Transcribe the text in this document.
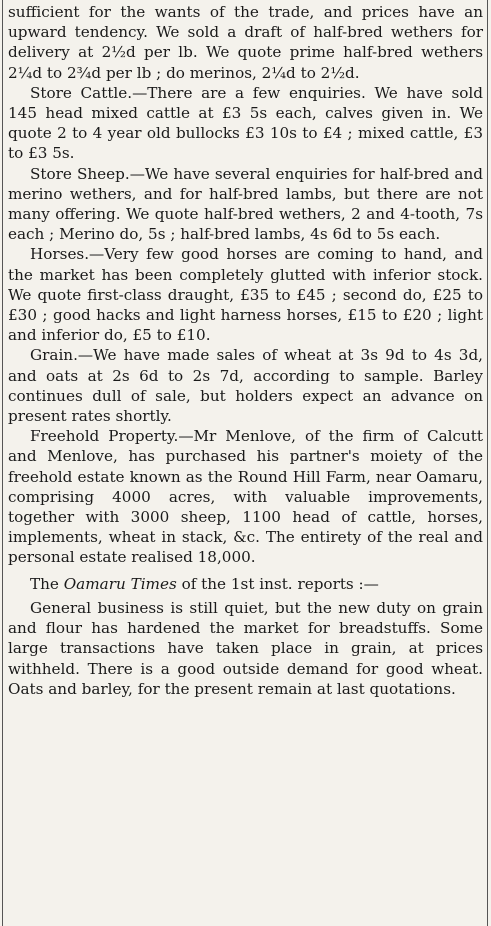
sufficient for the wants of the trade, and prices have an upward tendency. We sold a draft of half-bred wethers for delivery at 2½d per lb. We quote prime half-bred wethers 2¼d to 2¾d per lb ; do merinos, 2¼d to 2½d.

Store Cattle.—There are a few enquiries. We have sold 145 head mixed cattle at £3 5s each, calves given in. We quote 2 to 4 year old bullocks £3 10s to £4 ; mixed cattle, £3 to £3 5s.

Store Sheep.—We have several enquiries for half-bred and merino wethers, and for half-bred lambs, but there are not many offering. We quote half-bred wethers, 2 and 4-tooth, 7s each ; Merino do, 5s ; half-bred lambs, 4s 6d to 5s each.

Horses.—Very few good horses are coming to hand, and the market has been completely glutted with inferior stock. We quote first-class draught, £35 to £45 ; second do, £25 to £30 ; good hacks and light harness horses, £15 to £20 ; light and inferior do, £5 to £10.

Grain.—We have made sales of wheat at 3s 9d to 4s 3d, and oats at 2s 6d to 2s 7d, according to sample. Barley continues dull of sale, but holders expect an advance on present rates shortly.

Freehold Property.—Mr Menlove, of the firm of Calcutt and Menlove, has purchased his partner's moiety of the freehold estate known as the Round Hill Farm, near Oamaru, comprising 4000 acres, with valuable improvements, together with 3000 sheep, 1100 head of cattle, horses, implements, wheat in stack, &c. The entirety of the real and personal estate realised 18,000.

The Oamaru Times of the 1st inst. reports :—

General business is still quiet, but the new duty on grain and flour has hardened the market for breadstuffs. Some large transactions have taken place in grain, at prices withheld. There is a good outside demand for good wheat. Oats and barley, for the present remain at last quotations.
